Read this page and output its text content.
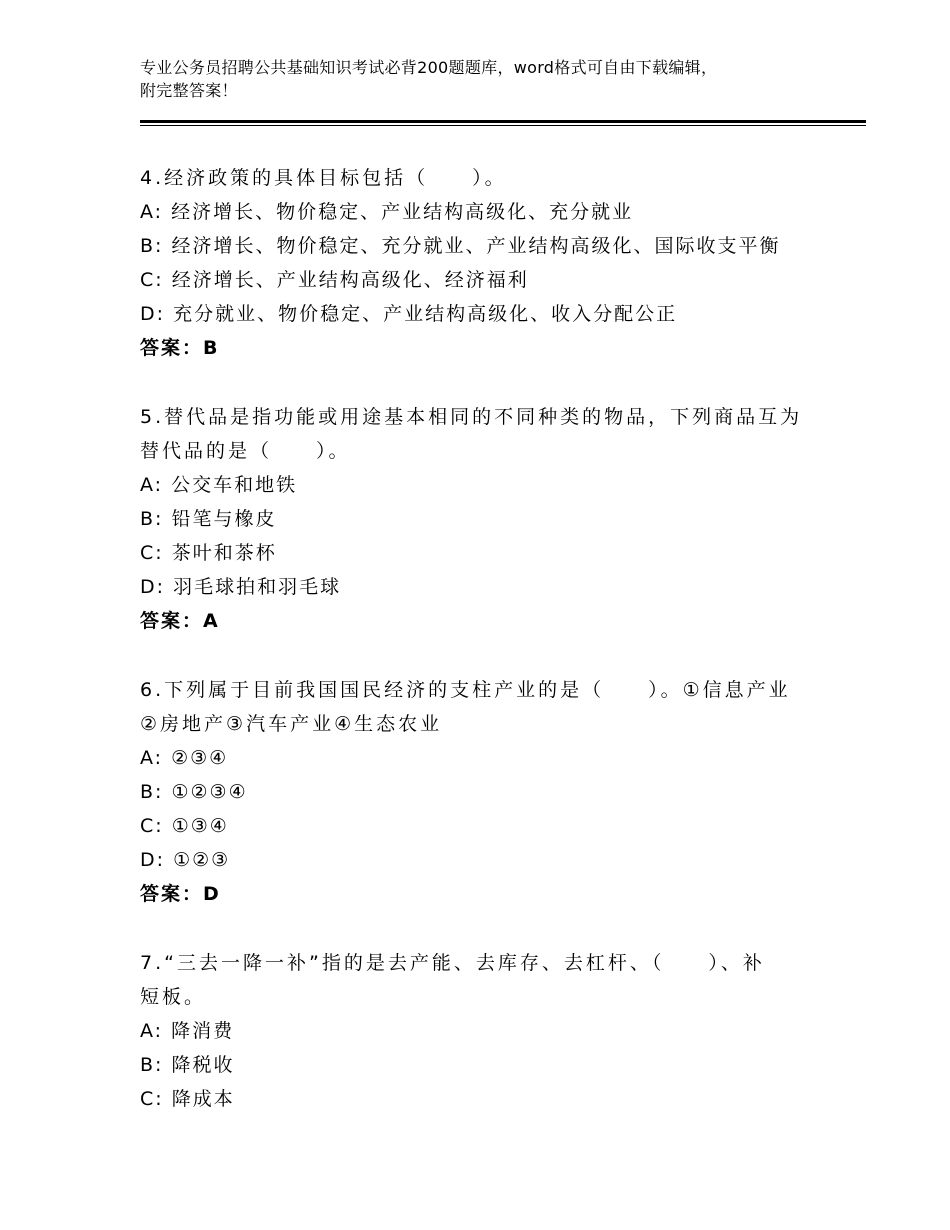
专业公务员招聘公共基础知识考试必背200题题库，word格式可自由下载编辑，
附完整答案！
4.经济政策的具体目标包括（　　）。
A: 经济增长、物价稳定、产业结构高级化、充分就业
B: 经济增长、物价稳定、充分就业、产业结构高级化、国际收支平衡
C: 经济增长、产业结构高级化、经济福利
D: 充分就业、物价稳定、产业结构高级化、收入分配公正
答案：B
5.替代品是指功能或用途基本相同的不同种类的物品，下列商品互为
替代品的是（　　）。
A: 公交车和地铁
B: 铅笔与橡皮
C: 茶叶和茶杯
D: 羽毛球拍和羽毛球
答案：A
6.下列属于目前我国国民经济的支柱产业的是（　　）。①信息产业
②房地产③汽车产业④生态农业
A: ②③④
B: ①②③④
C: ①③④
D: ①②③
答案：D
7.“三去一降一补”指的是去产能、去库存、去杠杆、（　　）、补
短板。
A: 降消费
B: 降税收
C: 降成本
